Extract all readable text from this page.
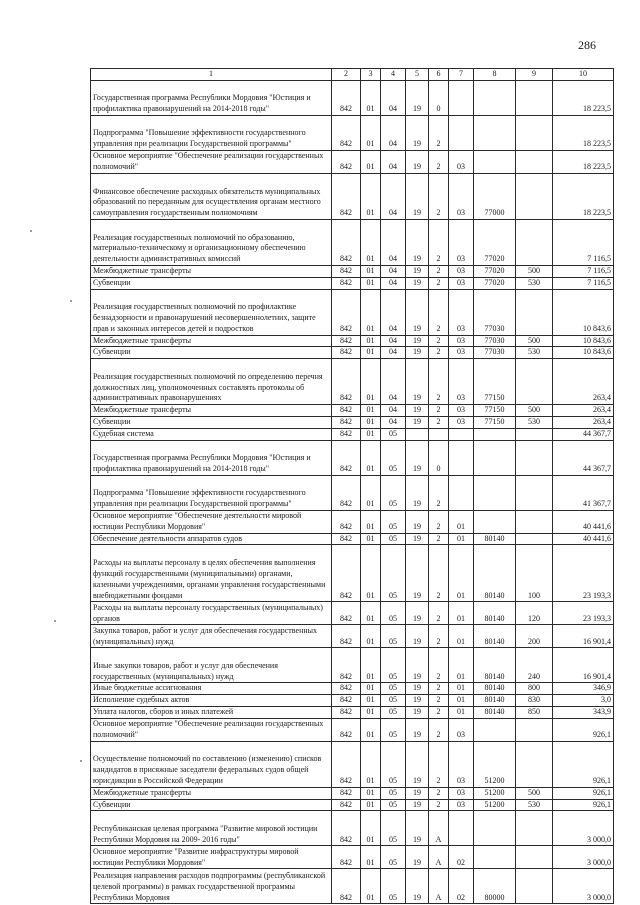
286
1	2	3	4	5	6	7	8	9	10
Государственная программа Республики Мордовия "Юстиция и профилактика правонарушений на 2014-2018 годы"	842	01	04	19	0				18 223,5
Подпрограмма "Повышение эффективности государственного управления при реализации Государственной программы"	842	01	04	19	2				18 223,5
Основное мероприятие "Обеспечение реализации государственных полномочий"	842	01	04	19	2	03			18 223,5
Финансовое обеспечение расходных обязательств муниципальных образований по переданным для осуществления органам местного самоуправления государственным полномочиям	842	01	04	19	2	03	77000		18 223,5
Реализация государственных полномочий по образованию, материально-техническому и организационному обеспечению деятельности административных комиссий	842	01	04	19	2	03	77020		7 116,5
Межбюджетные трансферты	842	01	04	19	2	03	77020	500	7 116,5
Субвенции	842	01	04	19	2	03	77020	530	7 116,5
Реализация государственных полномочий по профилактике безнадзорности и правонарушений несовершеннолетних, защите прав и законных интересов детей и подростков	842	01	04	19	2	03	77030		10 843,6
Межбюджетные трансферты	842	01	04	19	2	03	77030	500	10 843,6
Субвенции	842	01	04	19	2	03	77030	530	10 843,6
Реализация государственных полномочий по определению перечня должностных лиц, уполномоченных составлять протоколы об административных правонарушениях	842	01	04	19	2	03	77150		263,4
Межбюджетные трансферты	842	01	04	19	2	03	77150	500	263,4
Субвенции	842	01	04	19	2	03	77150	530	263,4
Судебная система	842	01	05						44 367,7
Государственная программа Республики Мордовия "Юстиция и профилактика правонарушений на 2014-2018 годы"	842	01	05	19	0				44 367,7
Подпрограмма "Повышение эффективности государственного управления при реализации Государственной программы"	842	01	05	19	2				41 367,7
Основное мероприятие "Обеспечение деятельности мировой юстиции Республики Мордовия"	842	01	05	19	2	01			40 441,6
Обеспечение деятельности аппаратов судов	842	01	05	19	2	01	80140		40 441,6
Расходы на выплаты персоналу в целях обеспечения выполнения функций государственными (муниципальными) органами, казенными учреждениями, органами управления государственными внебюджетными фондами	842	01	05	19	2	01	80140	100	23 193,3
Расходы на выплаты персоналу государственных (муниципальных) органов	842	01	05	19	2	01	80140	120	23 193,3
Закупка товаров, работ и услуг для обеспечения государственных (муниципальных) нужд	842	01	05	19	2	01	80140	200	16 901,4
Иные закупки товаров, работ и услуг для обеспечения государственных (муниципальных) нужд	842	01	05	19	2	01	80140	240	16 901,4
Иные бюджетные ассигнования	842	01	05	19	2	01	80140	800	346,9
Исполнение судебных актов	842	01	05	19	2	01	80140	830	3,0
Уплата налогов, сборов и иных платежей	842	01	05	19	2	01	80140	850	343,9
Основное мероприятие "Обеспечение реализации государственных полномочий"	842	01	05	19	2	03			926,1
Осуществление полномочий по составлению (изменению) списков кандидатов в присяжные заседатели федеральных судов общей юрисдикции в Российской Федерации	842	01	05	19	2	03	51200		926,1
Межбюджетные трансферты	842	01	05	19	2	03	51200	500	926,1
Субвенции	842	01	05	19	2	03	51200	530	926,1
Республиканская целевая программа "Развитие мировой юстиции Республики Мордовия на 2009- 2016 годы"	842	01	05	19	А				3 000,0
Основное мероприятие "Развитие инфраструктуры мировой юстиции Республики Мордовия"	842	01	05	19	А	02			3 000,0
Реализация направления расходов подпрограммы (республиканской целевой программы) в рамках государственной программы Республики Мордовия	842	01	05	19	А	02	80000		3 000,0
